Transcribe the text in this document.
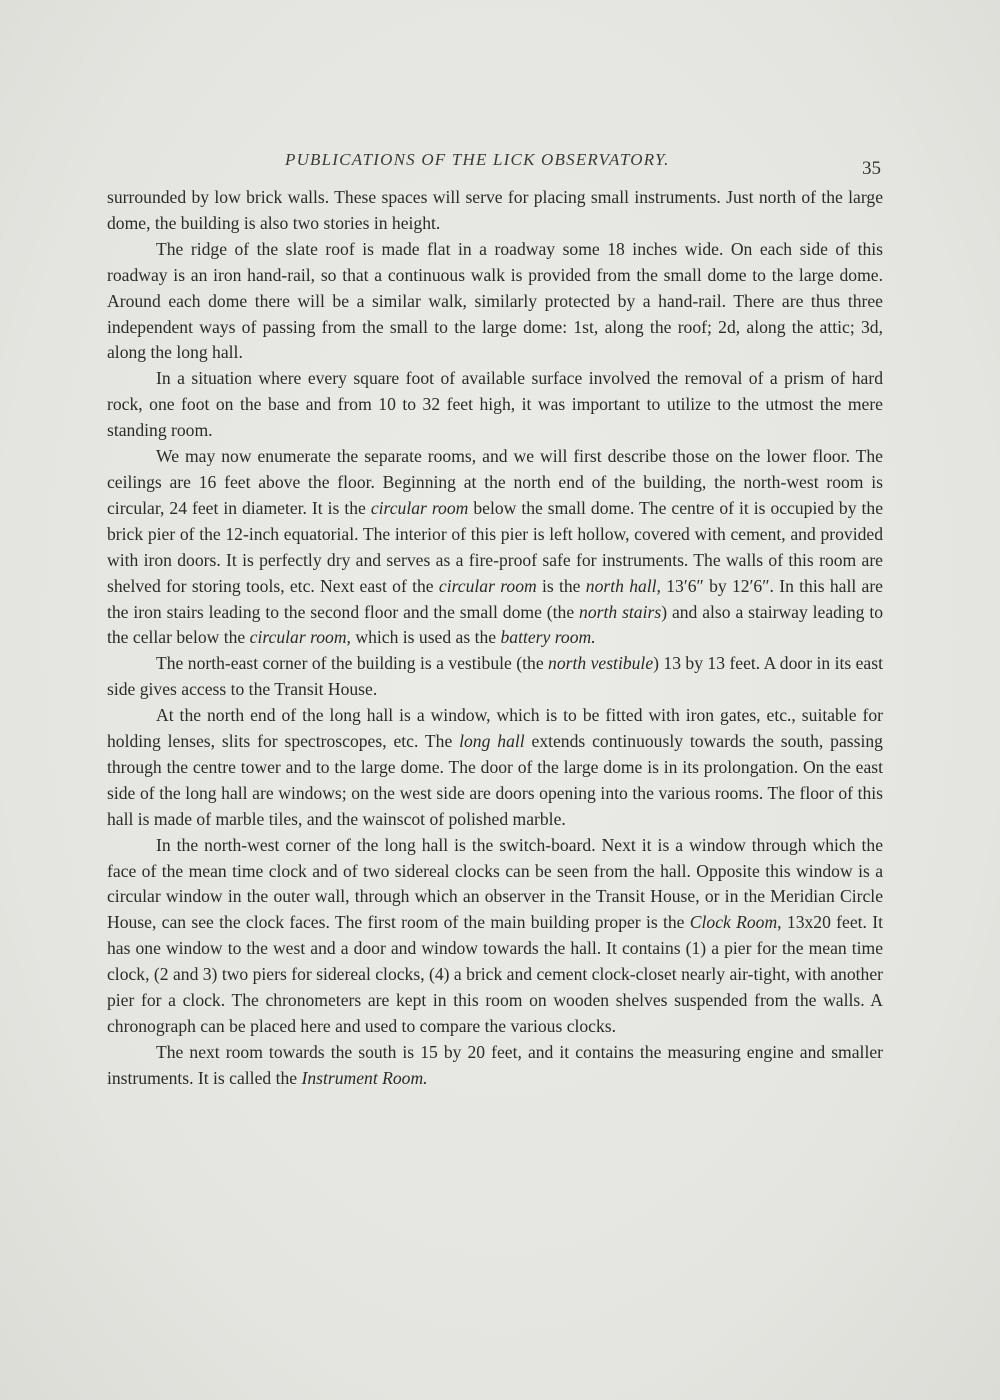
PUBLICATIONS OF THE LICK OBSERVATORY.	35

surrounded by low brick walls. These spaces will serve for placing small instruments. Just north of the large dome, the building is also two stories in height.

The ridge of the slate roof is made flat in a roadway some 18 inches wide. On each side of this roadway is an iron hand-rail, so that a continuous walk is provided from the small dome to the large dome. Around each dome there will be a similar walk, similarly protected by a hand-rail. There are thus three independent ways of passing from the small to the large dome: 1st, along the roof; 2d, along the attic; 3d, along the long hall.

In a situation where every square foot of available surface involved the removal of a prism of hard rock, one foot on the base and from 10 to 32 feet high, it was important to utilize to the utmost the mere standing room.

We may now enumerate the separate rooms, and we will first describe those on the lower floor. The ceilings are 16 feet above the floor. Beginning at the north end of the building, the north-west room is circular, 24 feet in diameter. It is the circular room below the small dome. The centre of it is occupied by the brick pier of the 12-inch equatorial. The interior of this pier is left hollow, covered with cement, and provided with iron doors. It is perfectly dry and serves as a fire-proof safe for instruments. The walls of this room are shelved for storing tools, etc. Next east of the circular room is the north hall, 13′6″ by 12′6″. In this hall are the iron stairs leading to the second floor and the small dome (the north stairs) and also a stairway leading to the cellar below the circular room, which is used as the battery room.

The north-east corner of the building is a vestibule (the north vestibule) 13 by 13 feet. A door in its east side gives access to the Transit House.

At the north end of the long hall is a window, which is to be fitted with iron gates, etc., suitable for holding lenses, slits for spectroscopes, etc. The long hall extends continuously towards the south, passing through the centre tower and to the large dome. The door of the large dome is in its prolongation. On the east side of the long hall are windows; on the west side are doors opening into the various rooms. The floor of this hall is made of marble tiles, and the wainscot of polished marble.

In the north-west corner of the long hall is the switch-board. Next it is a window through which the face of the mean time clock and of two sidereal clocks can be seen from the hall. Opposite this window is a circular window in the outer wall, through which an observer in the Transit House, or in the Meridian Circle House, can see the clock faces. The first room of the main building proper is the Clock Room, 13x20 feet. It has one window to the west and a door and window towards the hall. It contains (1) a pier for the mean time clock, (2 and 3) two piers for sidereal clocks, (4) a brick and cement clock-closet nearly air-tight, with another pier for a clock. The chronometers are kept in this room on wooden shelves suspended from the walls. A chronograph can be placed here and used to compare the various clocks.

The next room towards the south is 15 by 20 feet, and it contains the measuring engine and smaller instruments. It is called the Instrument Room.
